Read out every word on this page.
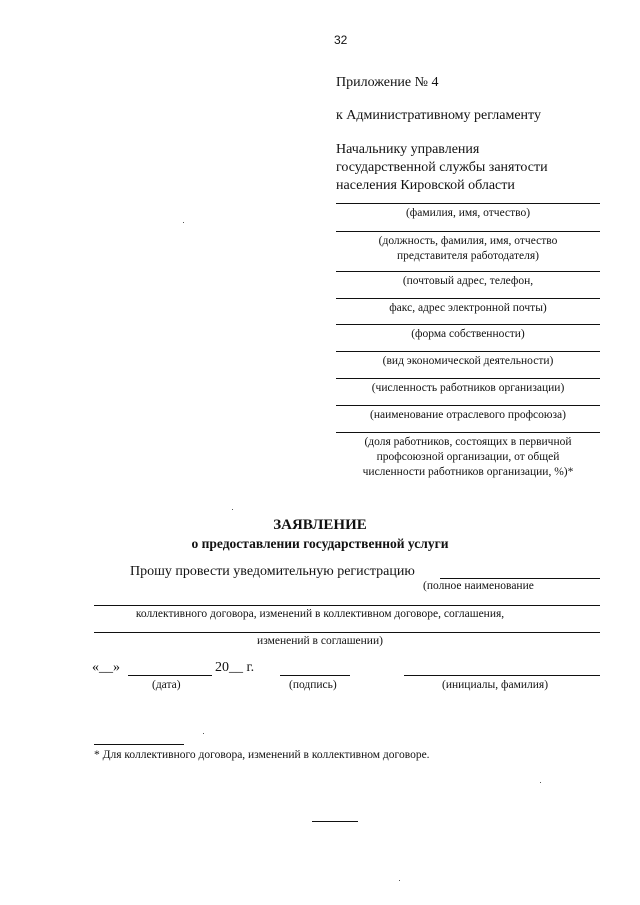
32
Приложение № 4
к Административному регламенту
Начальнику управления
государственной службы занятости
населения Кировской области
(фамилия, имя, отчество)
(должность, фамилия, имя, отчество
представителя работодателя)
(почтовый адрес, телефон,
факс, адрес электронной почты)
(форма собственности)
(вид экономической деятельности)
(численность работников организации)
(наименование отраслевого профсоюза)
(доля работников, состоящих в первичной
профсоюзной организации, от общей
численности работников организации, %)*
ЗАЯВЛЕНИЕ
о предоставлении государственной услуги
Прошу провести уведомительную регистрацию
(полное наименование
коллективного договора, изменений в коллективном договоре, соглашения,
изменений в соглашении)
«__»	20__ г.
(дата)	(подпись)	(инициалы, фамилия)
* Для коллективного договора, изменений в коллективном договоре.
